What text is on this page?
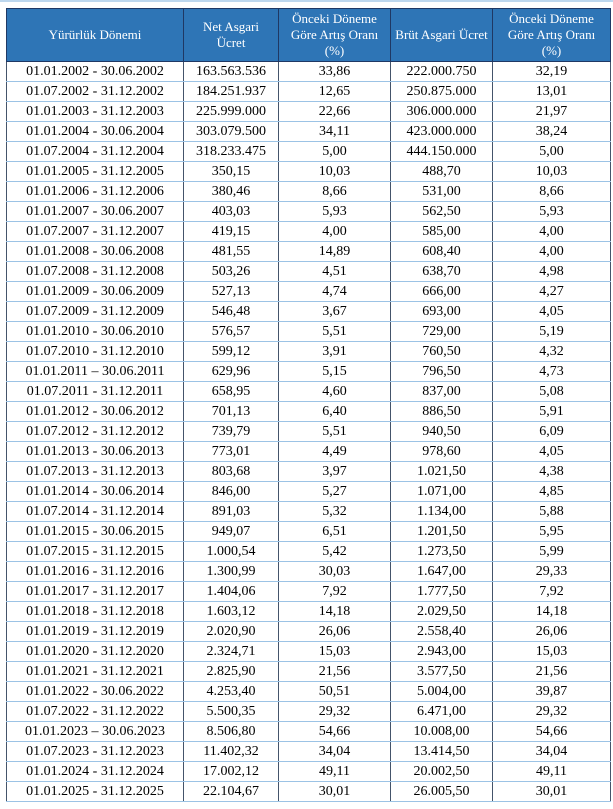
Yürürlük Dönemi	Net Asgari Ücret	Önceki Döneme Göre Artış Oranı (%)	Brüt Asgari Ücret	Önceki Döneme Göre Artış Oranı (%)
01.01.2002 - 30.06.2002	163.563.536	33,86	222.000.750	32,19
01.07.2002 - 31.12.2002	184.251.937	12,65	250.875.000	13,01
01.01.2003 - 31.12.2003	225.999.000	22,66	306.000.000	21,97
01.01.2004 - 30.06.2004	303.079.500	34,11	423.000.000	38,24
01.07.2004 - 31.12.2004	318.233.475	5,00	444.150.000	5,00
01.01.2005 - 31.12.2005	350,15	10,03	488,70	10,03
01.01.2006 - 31.12.2006	380,46	8,66	531,00	8,66
01.01.2007 - 30.06.2007	403,03	5,93	562,50	5,93
01.07.2007 - 31.12.2007	419,15	4,00	585,00	4,00
01.01.2008 - 30.06.2008	481,55	14,89	608,40	4,00
01.07.2008 - 31.12.2008	503,26	4,51	638,70	4,98
01.01.2009 - 30.06.2009	527,13	4,74	666,00	4,27
01.07.2009 - 31.12.2009	546,48	3,67	693,00	4,05
01.01.2010 - 30.06.2010	576,57	5,51	729,00	5,19
01.07.2010 - 31.12.2010	599,12	3,91	760,50	4,32
01.01.2011 – 30.06.2011	629,96	5,15	796,50	4,73
01.07.2011 - 31.12.2011	658,95	4,60	837,00	5,08
01.01.2012 - 30.06.2012	701,13	6,40	886,50	5,91
01.07.2012 - 31.12.2012	739,79	5,51	940,50	6,09
01.01.2013 - 30.06.2013	773,01	4,49	978,60	4,05
01.07.2013 - 31.12.2013	803,68	3,97	1.021,50	4,38
01.01.2014 - 30.06.2014	846,00	5,27	1.071,00	4,85
01.07.2014 - 31.12.2014	891,03	5,32	1.134,00	5,88
01.01.2015 - 30.06.2015	949,07	6,51	1.201,50	5,95
01.07.2015 - 31.12.2015	1.000,54	5,42	1.273,50	5,99
01.01.2016 - 31.12.2016	1.300,99	30,03	1.647,00	29,33
01.01.2017 - 31.12.2017	1.404,06	7,92	1.777,50	7,92
01.01.2018 - 31.12.2018	1.603,12	14,18	2.029,50	14,18
01.01.2019 - 31.12.2019	2.020,90	26,06	2.558,40	26,06
01.01.2020 - 31.12.2020	2.324,71	15,03	2.943,00	15,03
01.01.2021 - 31.12.2021	2.825,90	21,56	3.577,50	21,56
01.01.2022 - 30.06.2022	4.253,40	50,51	5.004,00	39,87
01.07.2022 - 31.12.2022	5.500,35	29,32	6.471,00	29,32
01.01.2023 – 30.06.2023	8.506,80	54,66	10.008,00	54,66
01.07.2023 - 31.12.2023	11.402,32	34,04	13.414,50	34,04
01.01.2024 - 31.12.2024	17.002,12	49,11	20.002,50	49,11
01.01.2025 - 31.12.2025	22.104,67	30,01	26.005,50	30,01
